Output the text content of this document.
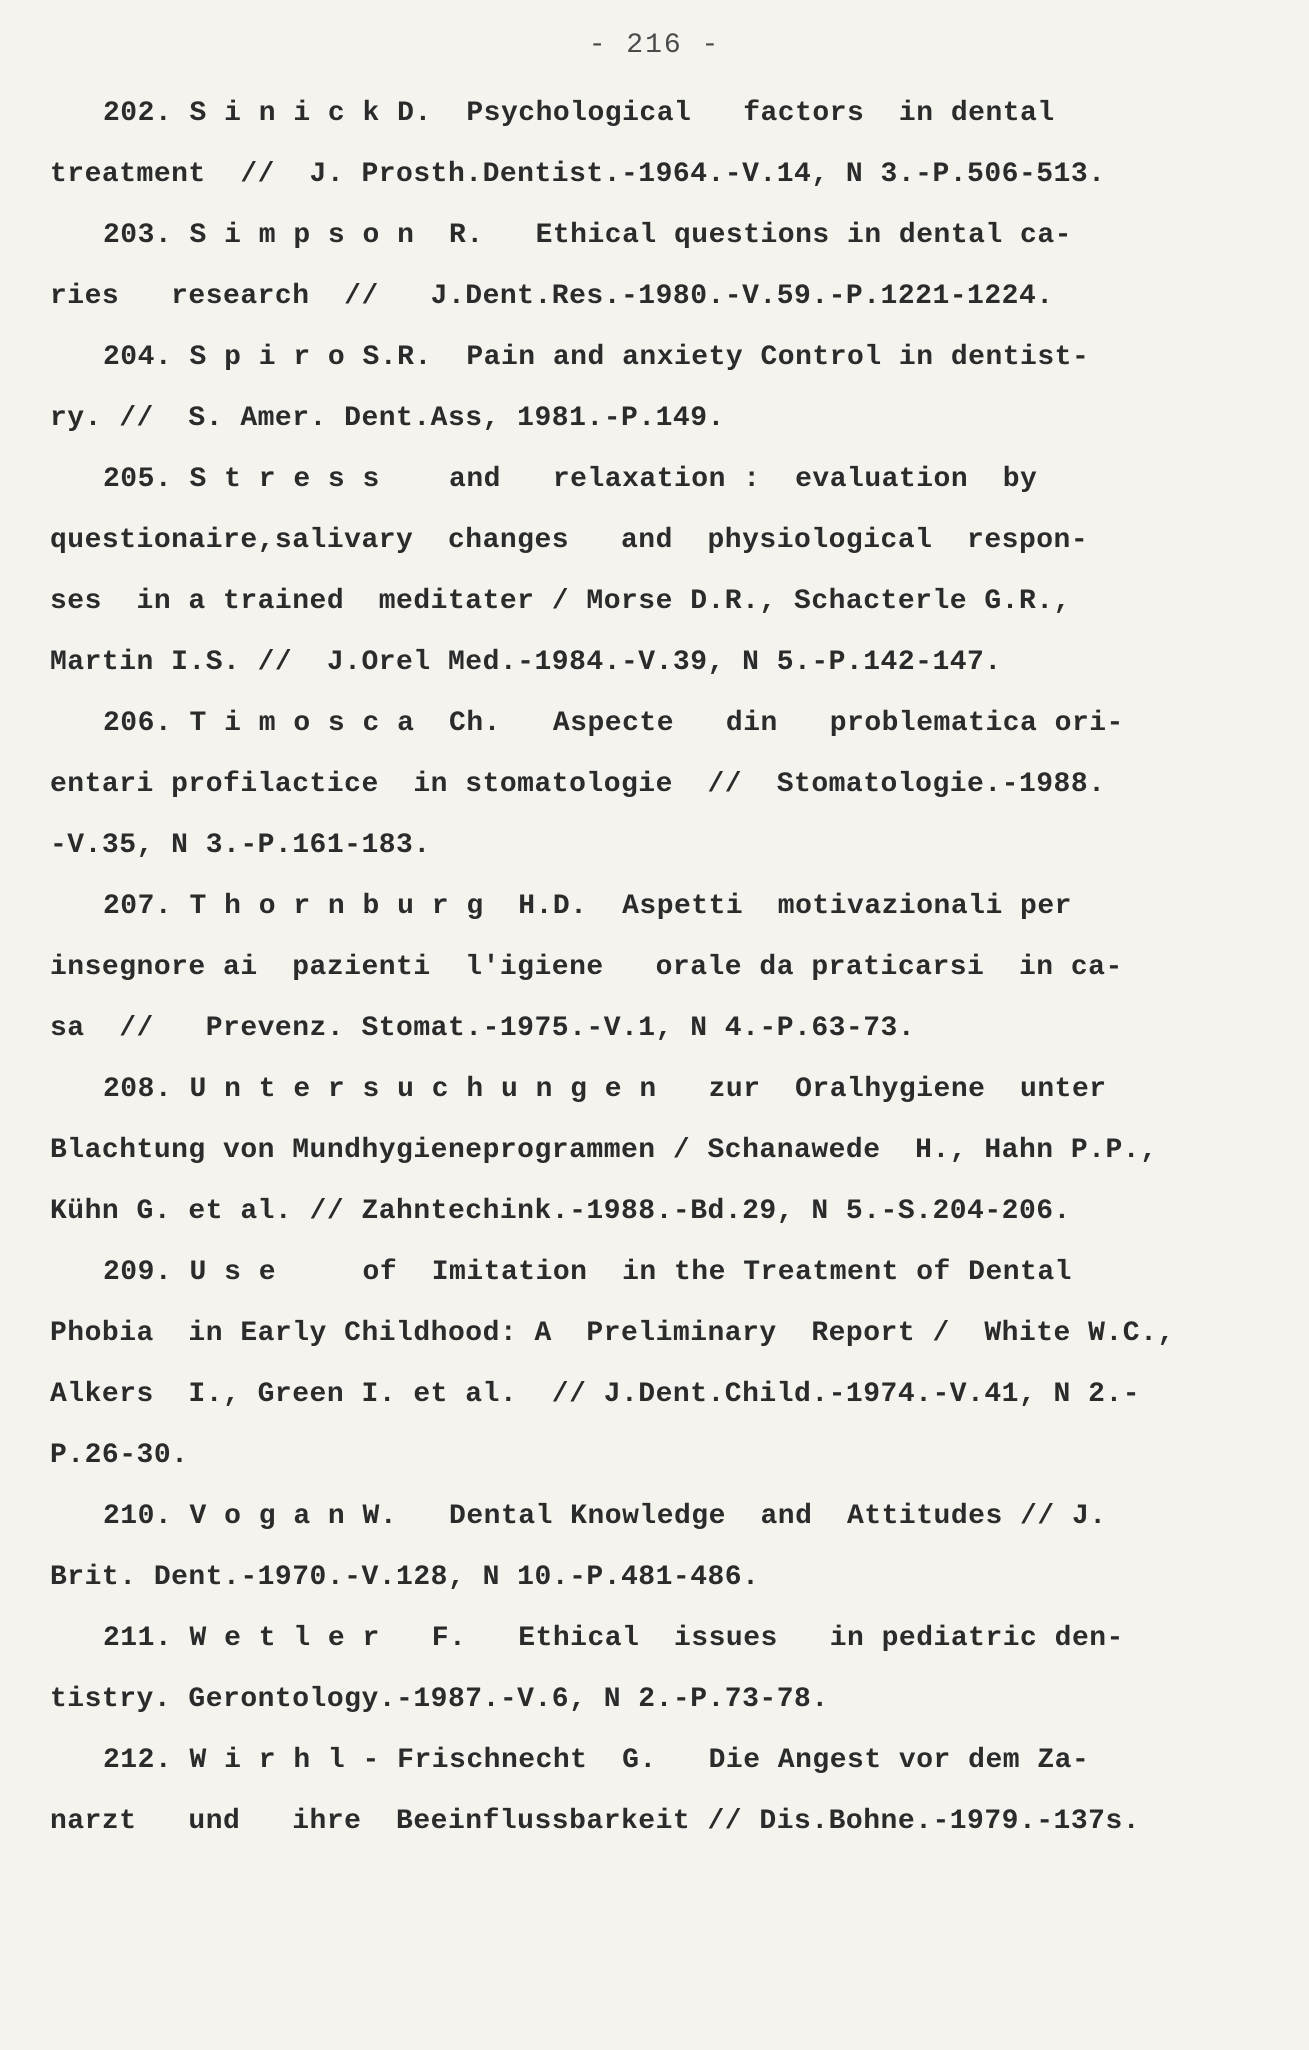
- 216 -
202. S i n i c k D.  Psychological   factors  in dental
treatment  //  J. Prosth.Dentist.-1964.-V.14, N 3.-P.506-513.
203. S i m p s o n  R.   Ethical questions in dental ca-
ries   research  //   J.Dent.Res.-1980.-V.59.-P.1221-1224.
204. S p i r o S.R.  Pain and anxiety Control in dentist-
ry. //  S. Amer. Dent.Ass, 1981.-P.149.
205. S t r e s s    and   relaxation :  evaluation  by
questionaire,salivary  changes   and  physiological  respon-
ses  in a trained  meditater / Morse D.R., Schacterle G.R.,
Martin I.S. //  J.Orel Med.-1984.-V.39, N 5.-P.142-147.
206. T i m o s c a  Ch.   Aspecte   din   problematica ori-
entari profilactice  in stomatologie  //  Stomatologie.-1988.
-V.35, N 3.-P.161-183.
207. T h o r n b u r g  H.D.  Aspetti  motivazionali per
insegnore ai  pazienti  l'igiene   orale da praticarsi  in ca-
sa  //   Prevenz. Stomat.-1975.-V.1, N 4.-P.63-73.
208. U n t e r s u c h u n g e n   zur  Oralhygiene  unter
Blachtung von Mundhygieneprogrammen / Schanawede  H., Hahn P.P.,
Kühn G. et al. // Zahntechink.-1988.-Bd.29, N 5.-S.204-206.
209. U s e     of  Imitation  in the Treatment of Dental
Phobia  in Early Childhood: A  Preliminary  Report /  White W.C.,
Alkers  I., Green I. et al.  // J.Dent.Child.-1974.-V.41, N 2.-
P.26-30.
210. V o g a n W.   Dental Knowledge  and  Attitudes // J.
Brit. Dent.-1970.-V.128, N 10.-P.481-486.
211. W e t l e r   F.   Ethical  issues   in pediatric den-
tistry. Gerontology.-1987.-V.6, N 2.-P.73-78.
212. W i r h l - Frischnecht  G.   Die Angest vor dem Za-
narzt   und   ihre  Beeinflussbarkeit // Dis.Bohne.-1979.-137s.
